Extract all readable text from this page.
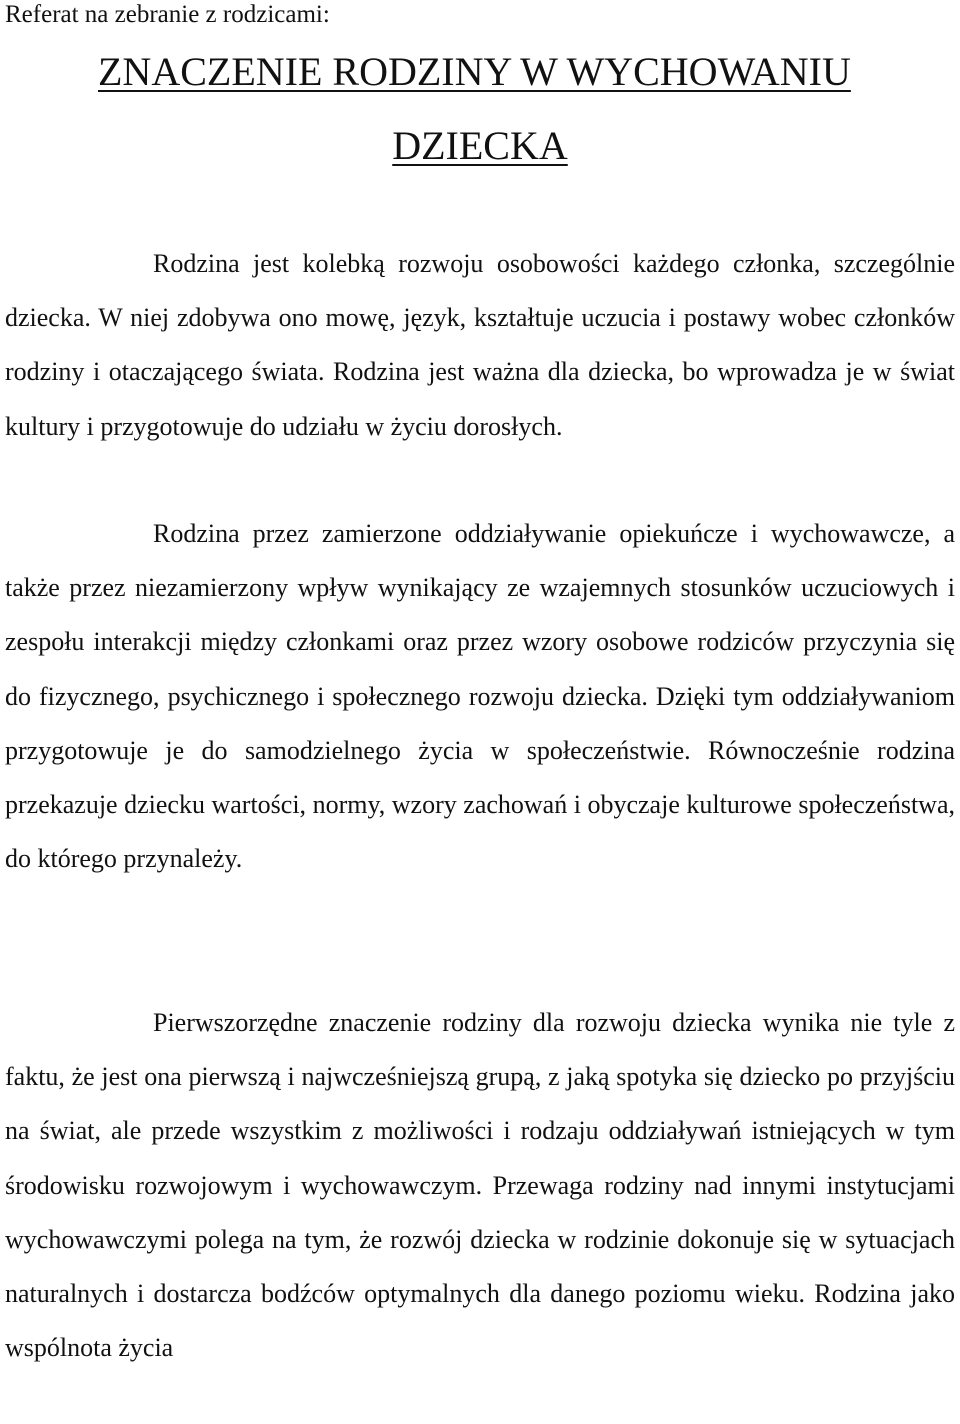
Referat na zebranie z rodzicami:

ZNACZENIE RODZINY W WYCHOWANIU
DZIECKA

Rodzina jest kolebką rozwoju osobowości każdego członka, szczególnie dziecka. W niej zdobywa ono mowę, język, kształtuje uczucia i postawy wobec członków rodziny i otaczającego świata. Rodzina jest ważna dla dziecka, bo wprowadza je w świat kultury i przygotowuje do udziału w życiu dorosłych.

Rodzina przez zamierzone oddziaływanie opiekuńcze i wychowawcze, a także przez niezamierzony wpływ wynikający ze wzajemnych stosunków uczuciowych i zespołu interakcji między członkami oraz przez wzory osobowe rodziców przyczynia się do fizycznego, psychicznego i społecznego rozwoju dziecka. Dzięki tym oddziaływaniom przygotowuje je do samodzielnego życia w społeczeństwie. Równocześnie rodzina przekazuje dziecku wartości, normy, wzory zachowań i obyczaje kulturowe społeczeństwa, do którego przynależy.

Pierwszorzędne znaczenie rodziny dla rozwoju dziecka wynika nie tyle z faktu, że jest ona pierwszą i najwcześniejszą grupą, z jaką spotyka się dziecko po przyjściu na świat, ale przede wszystkim z możliwości i rodzaju oddziaływań istniejących w tym środowisku rozwojowym i wychowawczym. Przewaga rodziny nad innymi instytucjami wychowawczymi polega na tym, że rozwój dziecka w rodzinie dokonuje się w sytuacjach naturalnych i dostarcza bodźców optymalnych dla danego poziomu wieku. Rodzina jako wspólnota życia
